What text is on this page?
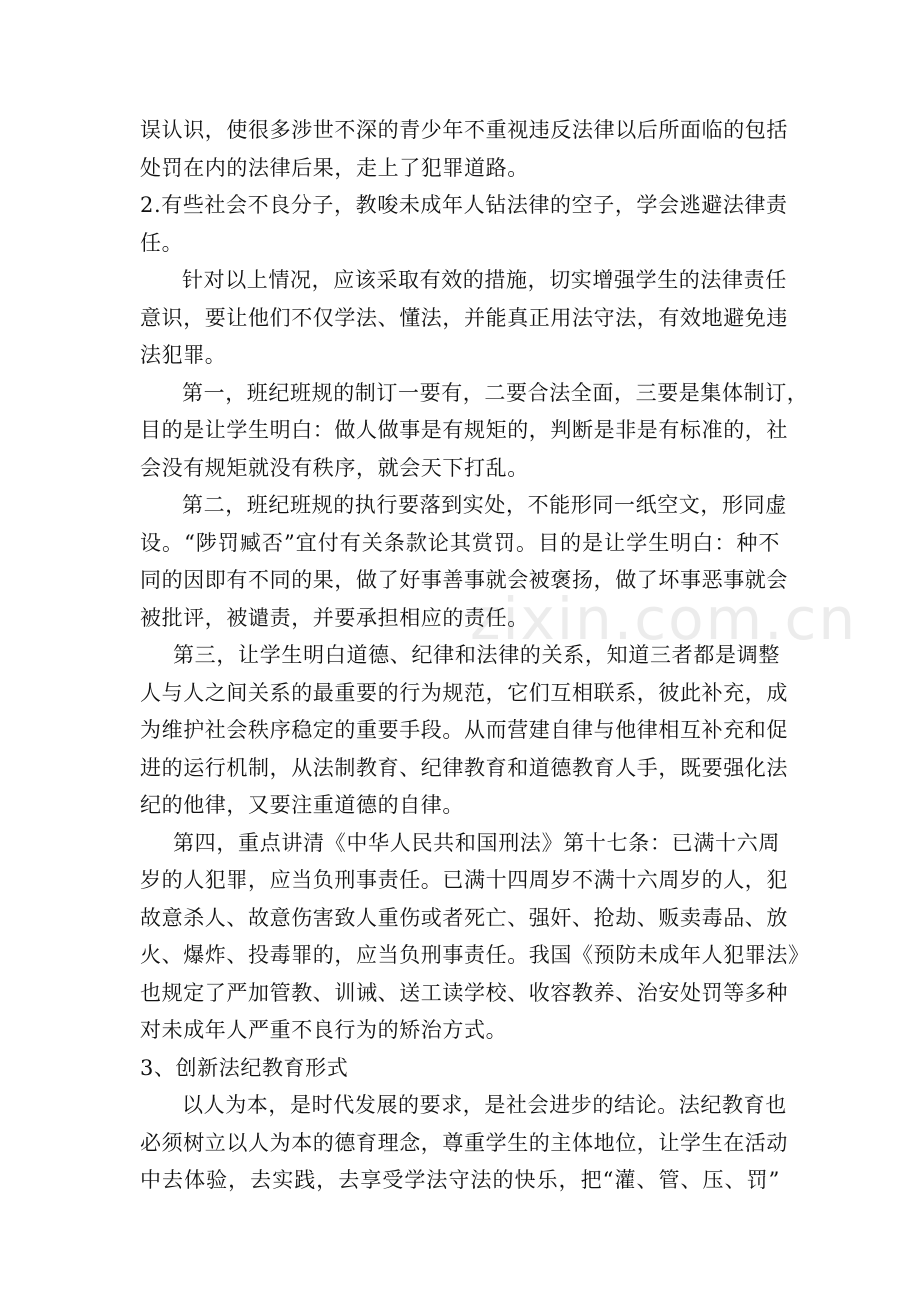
zixin.com.cn
误认识，使很多涉世不深的青少年不重视违反法律以后所面临的包括
处罚在内的法律后果，走上了犯罪道路。
2.有些社会不良分子，教唆未成年人钻法律的空子，学会逃避法律责
任。
针对以上情况，应该采取有效的措施，切实增强学生的法律责任
意识，要让他们不仅学法、懂法，并能真正用法守法，有效地避免违
法犯罪。
第一，班纪班规的制订一要有，二要合法全面，三要是集体制订，
目的是让学生明白：做人做事是有规矩的，判断是非是有标准的，社
会没有规矩就没有秩序，就会天下打乱。
第二，班纪班规的执行要落到实处，不能形同一纸空文，形同虚
设。“陟罚臧否”宜付有关条款论其赏罚。目的是让学生明白：种不
同的因即有不同的果，做了好事善事就会被褒扬，做了坏事恶事就会
被批评，被谴责，并要承担相应的责任。
第三，让学生明白道德、纪律和法律的关系，知道三者都是调整
人与人之间关系的最重要的行为规范，它们互相联系，彼此补充，成
为维护社会秩序稳定的重要手段。从而营建自律与他律相互补充和促
进的运行机制，从法制教育、纪律教育和道德教育人手，既要强化法
纪的他律，又要注重道德的自律。
第四，重点讲清《中华人民共和国刑法》第十七条：已满十六周
岁的人犯罪，应当负刑事责任。已满十四周岁不满十六周岁的人，犯
故意杀人、故意伤害致人重伤或者死亡、强奸、抢劫、贩卖毒品、放
火、爆炸、投毒罪的，应当负刑事责任。我国《预防未成年人犯罪法》
也规定了严加管教、训诫、送工读学校、收容教养、治安处罚等多种
对未成年人严重不良行为的矫治方式。
3、创新法纪教育形式
以人为本，是时代发展的要求，是社会进步的结论。法纪教育也
必须树立以人为本的德育理念，尊重学生的主体地位，让学生在活动
中去体验，去实践，去享受学法守法的快乐，把“灌、管、压、罚”
